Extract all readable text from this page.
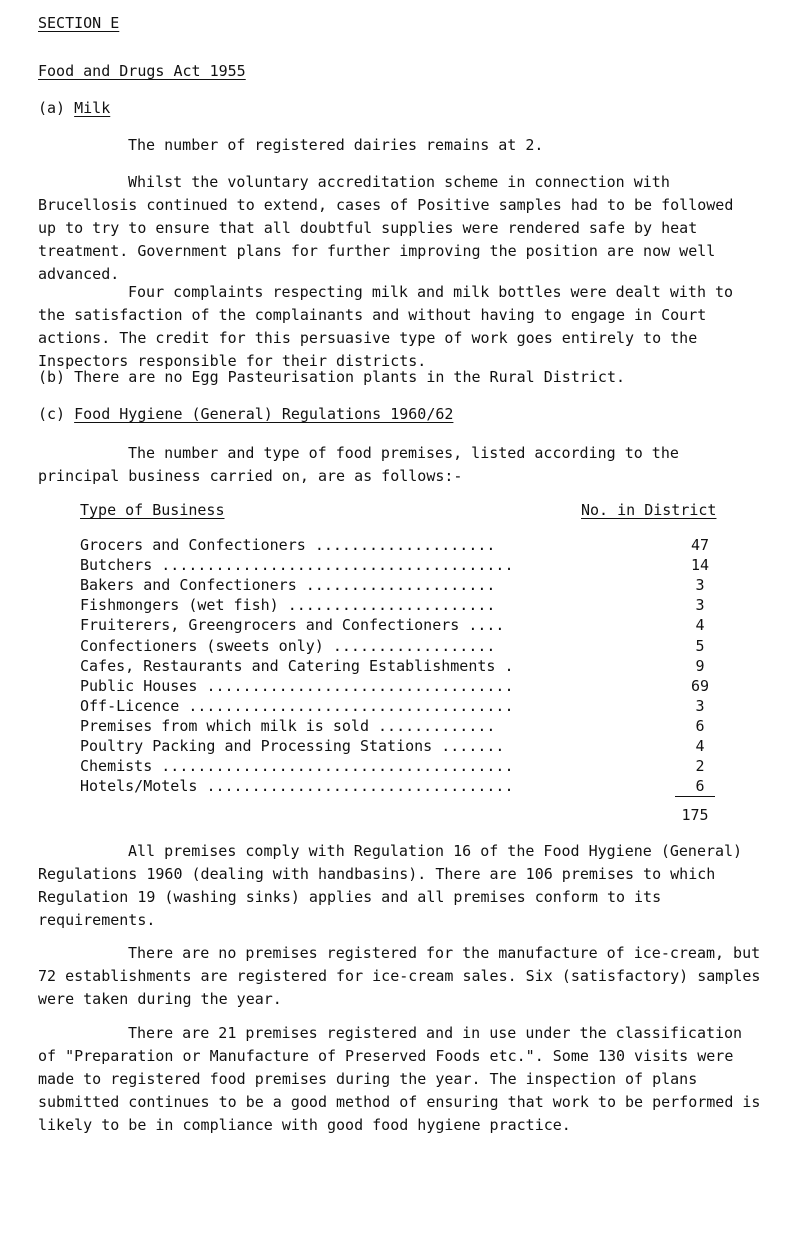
SECTION E
Food and Drugs Act 1955
(a) Milk
The number of registered dairies remains at 2.
Whilst the voluntary accreditation scheme in connection with Brucellosis continued to extend, cases of Positive samples had to be followed up to try to ensure that all doubtful supplies were rendered safe by heat treatment. Government plans for further improving the position are now well advanced.
Four complaints respecting milk and milk bottles were dealt with to the satisfaction of the complainants and without having to engage in Court actions. The credit for this persuasive type of work goes entirely to the Inspectors responsible for their districts.
(b) There are no Egg Pasteurisation plants in the Rural District.
(c) Food Hygiene (General) Regulations 1960/62
The number and type of food premises, listed according to the principal business carried on, are as follows:-
Type of Business	No. in District
Grocers and Confectioners ....................	47
Butchers .......................................	14
Bakers and Confectioners .....................	3
Fishmongers (wet fish) .......................	3
Fruiterers, Greengrocers and Confectioners ....	4
Confectioners (sweets only) ..................	5
Cafes, Restaurants and Catering Establishments .	9
Public Houses ..................................	69
Off-Licence ....................................	3
Premises from which milk is sold .............	6
Poultry Packing and Processing Stations .......	4
Chemists .......................................	2
Hotels/Motels ..................................	6
175
All premises comply with Regulation 16 of the Food Hygiene (General) Regulations 1960 (dealing with handbasins). There are 106 premises to which Regulation 19 (washing sinks) applies and all premises conform to its requirements.
There are no premises registered for the manufacture of ice-cream, but 72 establishments are registered for ice-cream sales. Six (satisfactory) samples were taken during the year.
There are 21 premises registered and in use under the classification of "Preparation or Manufacture of Preserved Foods etc.". Some 130 visits were made to registered food premises during the year. The inspection of plans submitted continues to be a good method of ensuring that work to be performed is likely to be in compliance with good food hygiene practice.
